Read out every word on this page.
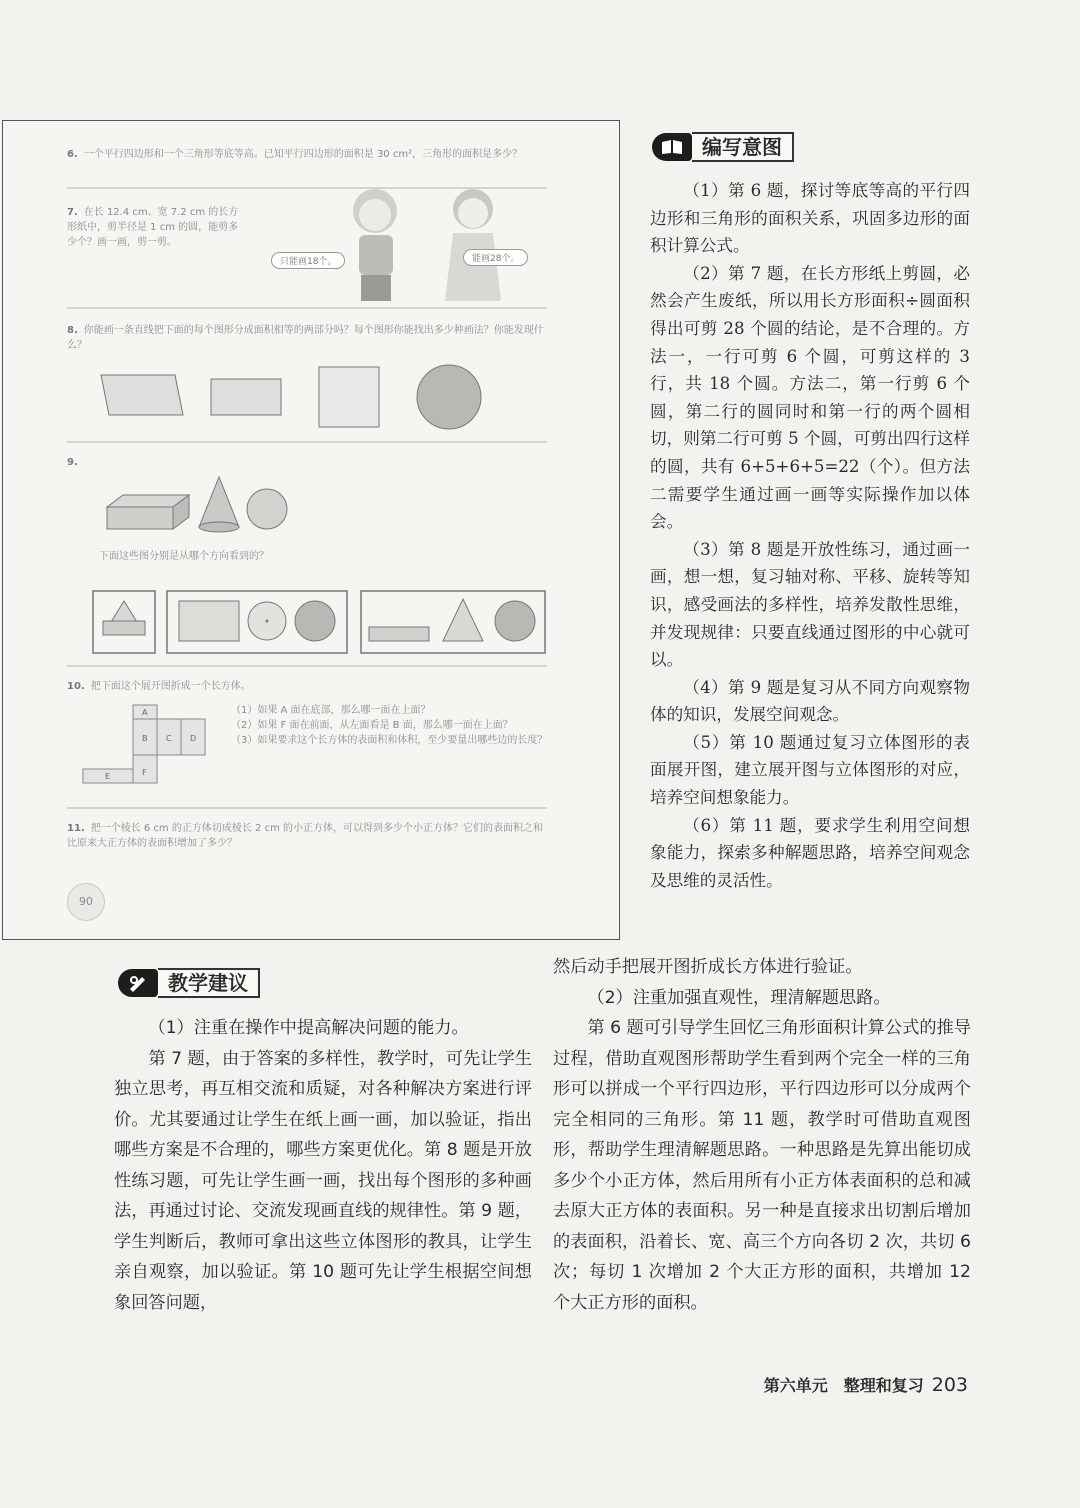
6. 一个平行四边形和一个三角形等底等高。已知平行四边形的面积是 30 cm²，三角形的面积是多少？
7. 在长 12.4 cm、宽 7.2 cm 的长方形纸中，剪半径是 1 cm 的圆，能剪多少个？画一画，剪一剪。
只能画18个。	能画28个。
8. 你能画一条直线把下面的每个图形分成面积相等的两部分吗？每个图形你能找出多少种画法？你能发现什么？
9.
下面这些图分别是从哪个方向看到的？
10. 把下面这个展开图折成一个长方体。
A
B C D
E	F
（1）如果 A 面在底部，那么哪一面在上面？
（2）如果 F 面在前面，从左面看是 B 面，那么哪一面在上面？
（3）如果要求这个长方体的表面积和体积，至少要量出哪些边的长度？
11. 把一个棱长 6 cm 的正方体切成棱长 2 cm 的小正方体，可以得到多少个小正方体？它们的表面积之和比原来大正方体的表面积增加了多少？
90
编写意图

（1）第 6 题，探讨等底等高的平行四边形和三角形的面积关系，巩固多边形的面积计算公式。

（2）第 7 题，在长方形纸上剪圆，必然会产生废纸，所以用长方形面积÷圆面积得出可剪 28 个圆的结论，是不合理的。方法一，一行可剪 6 个圆，可剪这样的 3 行，共 18 个圆。方法二，第一行剪 6 个圆，第二行的圆同时和第一行的两个圆相切，则第二行可剪 5 个圆，可剪出四行这样的圆，共有 6+5+6+5=22（个）。但方法二需要学生通过画一画等实际操作加以体会。

（3）第 8 题是开放性练习，通过画一画，想一想，复习轴对称、平移、旋转等知识，感受画法的多样性，培养发散性思维，并发现规律：只要直线通过图形的中心就可以。

（4）第 9 题是复习从不同方向观察物体的知识，发展空间观念。

（5）第 10 题通过复习立体图形的表面展开图，建立展开图与立体图形的对应，培养空间想象能力。

（6）第 11 题，要求学生利用空间想象能力，探索多种解题思路，培养空间观念及思维的灵活性。

教学建议

（1）注重在操作中提高解决问题的能力。

第 7 题，由于答案的多样性，教学时，可先让学生独立思考，再互相交流和质疑，对各种解决方案进行评价。尤其要通过让学生在纸上画一画，加以验证，指出哪些方案是不合理的，哪些方案更优化。第 8 题是开放性练习题，可先让学生画一画，找出每个图形的多种画法，再通过讨论、交流发现画直线的规律性。第 9 题，学生判断后，教师可拿出这些立体图形的教具，让学生亲自观察，加以验证。第 10 题可先让学生根据空间想象回答问题，

然后动手把展开图折成长方体进行验证。

（2）注重加强直观性，理清解题思路。

第 6 题可引导学生回忆三角形面积计算公式的推导过程，借助直观图形帮助学生看到两个完全一样的三角形可以拼成一个平行四边形，平行四边形可以分成两个完全相同的三角形。第 11 题，教学时可借助直观图形，帮助学生理清解题思路。一种思路是先算出能切成多少个小正方体，然后用所有小正方体表面积的总和减去原大正方体的表面积。另一种是直接求出切割后增加的表面积，沿着长、宽、高三个方向各切 2 次，共切 6 次；每切 1 次增加 2 个大正方形的面积，共增加 12 个大正方形的面积。

第六单元　整理和复习 203
